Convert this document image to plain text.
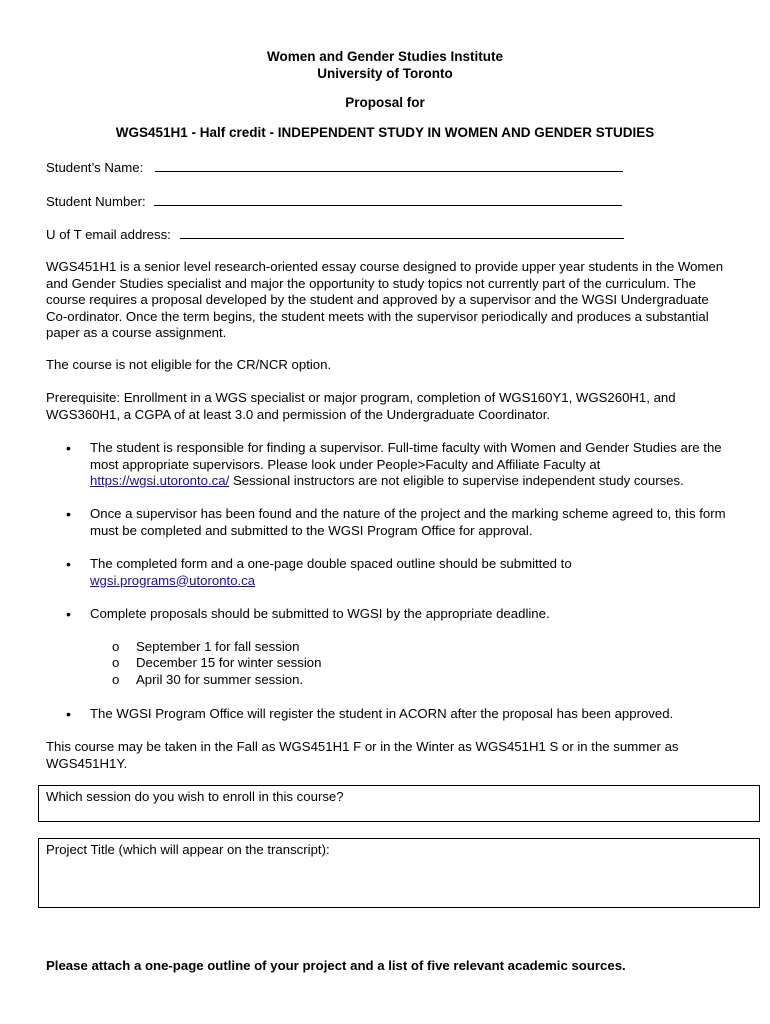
Women and Gender Studies Institute
University of Toronto
Proposal for
WGS451H1 - Half credit - INDEPENDENT STUDY IN WOMEN AND GENDER STUDIES
Student’s Name:
Student Number:
U of T email address:
WGS451H1 is a senior level research-oriented essay course designed to provide upper year students in the Women and Gender Studies specialist and major the opportunity to study topics not currently part of the curriculum. The course requires a proposal developed by the student and approved by a supervisor and the WGSI Undergraduate Co-ordinator. Once the term begins, the student meets with the supervisor periodically and produces a substantial paper as a course assignment.
The course is not eligible for the CR/NCR option.
Prerequisite: Enrollment in a WGS specialist or major program, completion of WGS160Y1, WGS260H1, and WGS360H1, a CGPA of at least 3.0 and permission of the Undergraduate Coordinator.
• The student is responsible for finding a supervisor. Full-time faculty with Women and Gender Studies are the most appropriate supervisors. Please look under People>Faculty and Affiliate Faculty at https://wgsi.utoronto.ca/ Sessional instructors are not eligible to supervise independent study courses.
• Once a supervisor has been found and the nature of the project and the marking scheme agreed to, this form must be completed and submitted to the WGSI Program Office for approval.
• The completed form and a one-page double spaced outline should be submitted to
wgsi.programs@utoronto.ca
• Complete proposals should be submitted to WGSI by the appropriate deadline.
o September 1 for fall session
o December 15 for winter session
o April 30 for summer session.
• The WGSI Program Office will register the student in ACORN after the proposal has been approved.
This course may be taken in the Fall as WGS451H1 F or in the Winter as WGS451H1 S or in the summer as WGS451H1Y.
Which session do you wish to enroll in this course?
Project Title (which will appear on the transcript):
Please attach a one-page outline of your project and a list of five relevant academic sources.
